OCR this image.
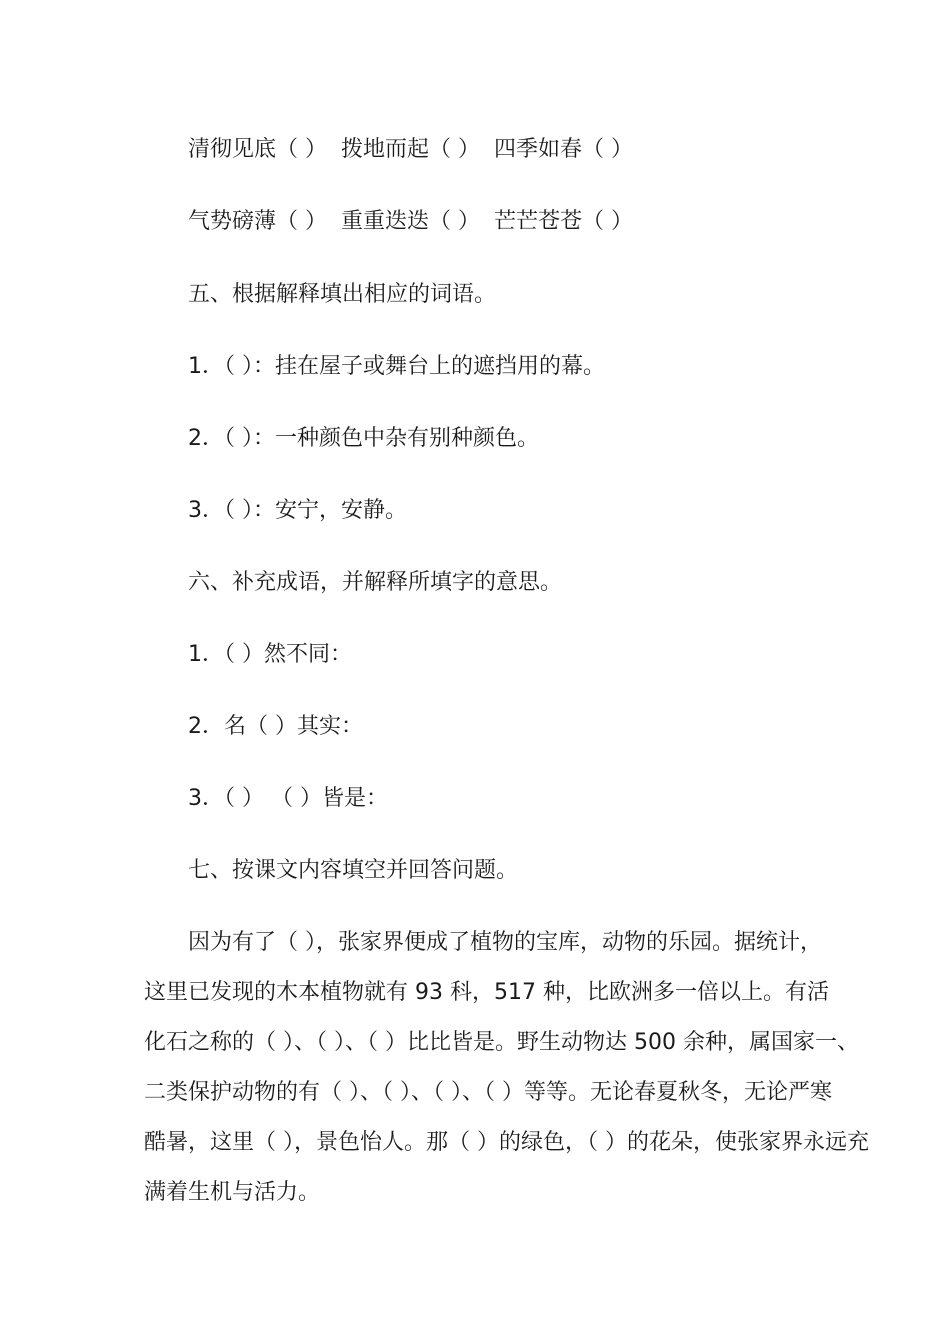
清彻见底（ ）  拨地而起（ ）  四季如春（ ）
气势磅薄（ ）  重重迭迭（ ）  芒芒苍苍（ ）
五、根据解释填出相应的词语。
1．（ ）：挂在屋子或舞台上的遮挡用的幕。
2．（ ）：一种颜色中杂有别种颜色。
3．（ ）：安宁，安静。
六、补充成语，并解释所填字的意思。
1．（ ）然不同：
2．名（ ）其实：
3．（ ） （ ）皆是：
七、按课文内容填空并回答问题。
因为有了（ ），张家界便成了植物的宝库，动物的乐园。据统计，
这里已发现的木本植物就有 93 科，517 种，比欧洲多一倍以上。有活
化石之称的（ ）、（ ）、（ ）比比皆是。野生动物达 500 余种，属国家一、
二类保护动物的有（ ）、（ ）、（ ）、（ ）等等。无论春夏秋冬，无论严寒
酷暑，这里（ ），景色怡人。那（ ）的绿色，（ ）的花朵，使张家界永远充
满着生机与活力。
